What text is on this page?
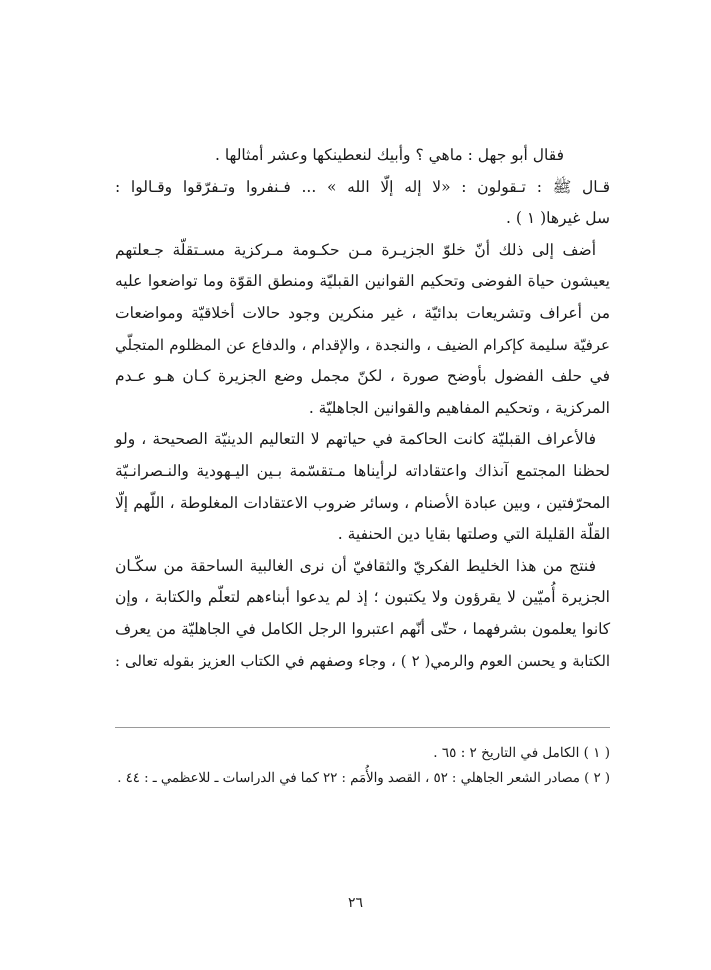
فقال أبو جهل : ماهي ؟ وأبيك لنعطينكها وعشر أمثالها .
قـال ﷺ : تـقولون : «لا إله إلّا الله » ... فـنفروا وتـفرّقوا وقـالوا :
سل غيرها( ١ ) .
أضف إلى ذلك أنّ خلوّ الجزيـرة مـن حكـومة مـركزية مسـتقلّة جـعلتهم
يعيشون حياة الفوضى وتحكيم القوانين القبليّة ومنطق القوّة وما تواضعوا عليه
من أعراف وتشريعات بدائيّة ، غير منكرين وجود حالات أخلاقيّة ومواضعات
عرفيّة سليمة كإكرام الضيف ، والنجدة ، والإقدام ، والدفاع عن المظلوم المتجلّي
في حلف الفضول بأوضح صورة ، لكنّ مجمل وضع الجزيرة كـان هـو عـدم
المركزية ، وتحكيم المفاهيم والقوانين الجاهليّة .
فالأعراف القبليّة كانت الحاكمة في حياتهم لا التعاليم الدينيّة الصحيحة ، ولو
لحظنا المجتمع آنذاك واعتقاداته لرأيناها مـتقسّمة بـين اليـهودية والنـصرانـيّة
المحرّفتين ، وبين عبادة الأصنام ، وسائر ضروب الاعتقادات المغلوطة ، اللّهم إلّا
القلّة القليلة التي وصلتها بقايا دين الحنفية .
فنتج من هذا الخليط الفكريّ والثقافيّ أن نرى الغالبية الساحقة من سكّـان
الجزيرة أُميّين لا يقرؤون ولا يكتبون ؛ إذ لم يدعوا أبناءهم لتعلّم والكتابة ، وإن
كانوا يعلمون بشرفهما ، حتّى أنّهم اعتبروا الرجل الكامل في الجاهليّة من يعرف
الكتابة و يحسن العوم والرمي( ٢ ) ، وجاء وصفهم في الكتاب العزيز بقوله تعالى :
( ١ ) الكامل في التاريخ ٢ : ٦٥ .
( ٢ ) مصادر الشعر الجاهلي : ٥٢ ، القصد والأُمَم : ٢٢ كما في الدراسات ـ للاعظمي ـ : ٤٤ .
٢٦
